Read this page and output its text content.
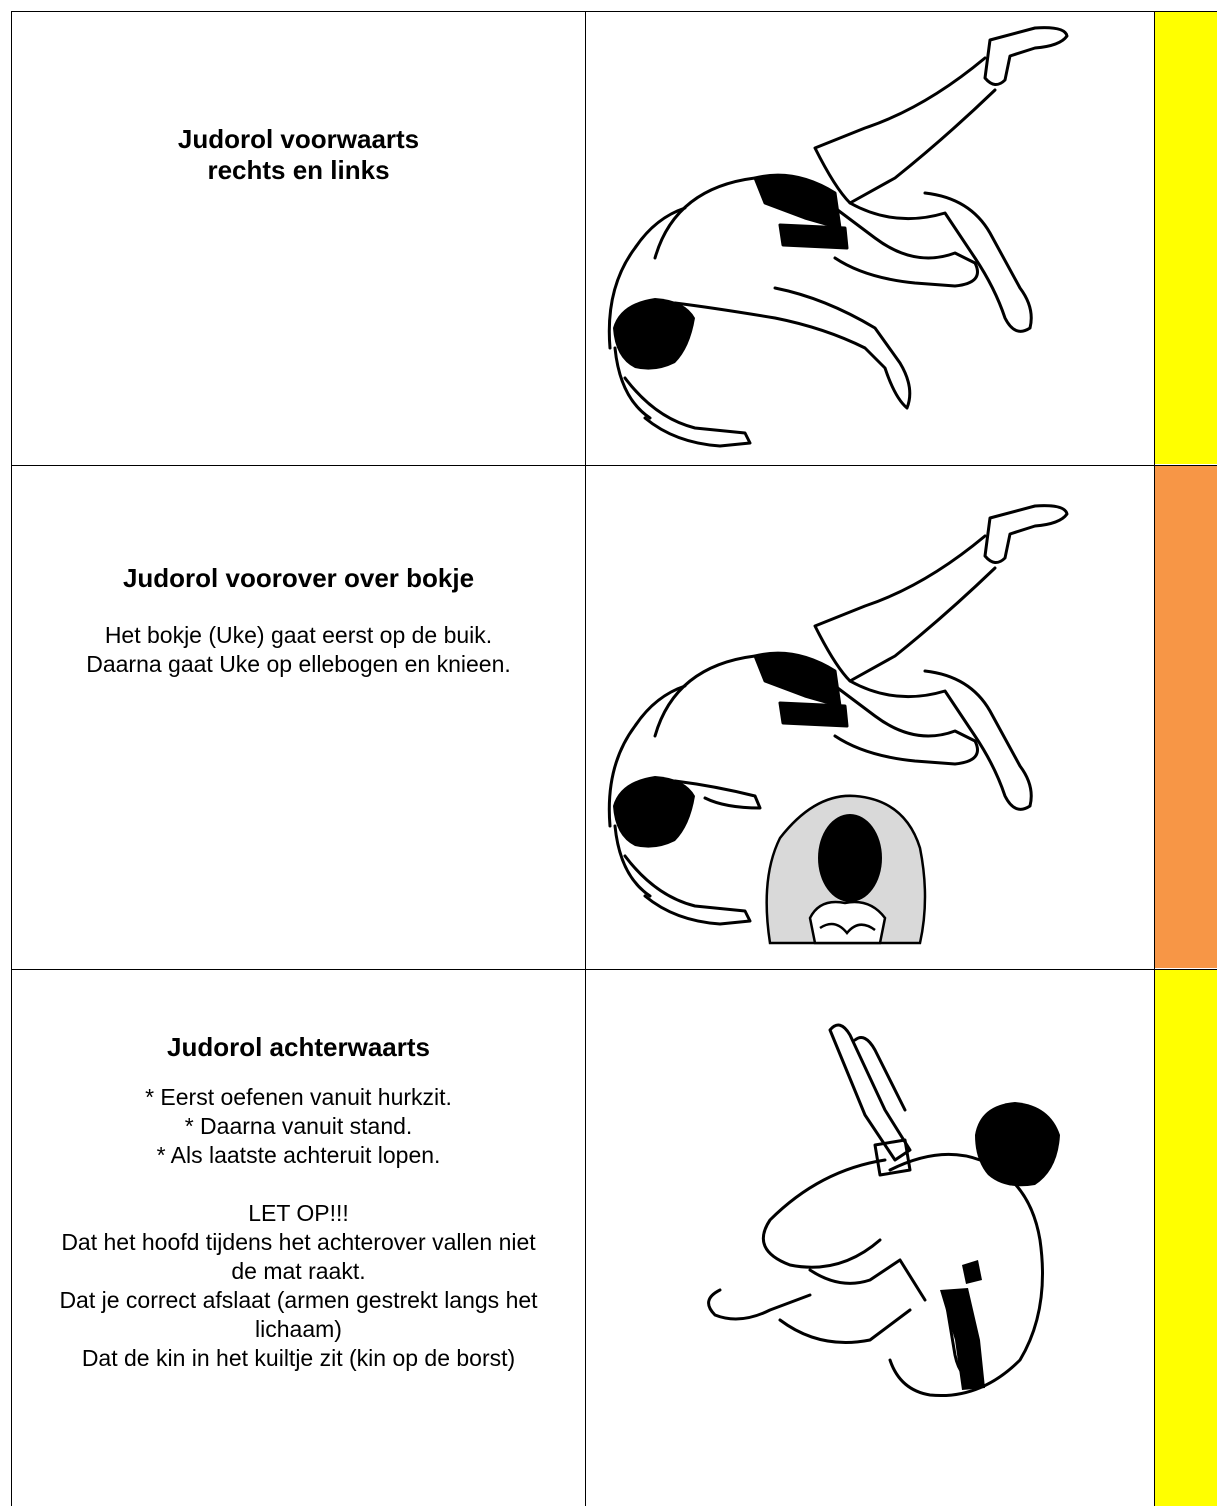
Judorol voorwaarts
rechts en links
Judorol voorover over bokje
Het bokje (Uke) gaat eerst op de buik.
Daarna gaat Uke op ellebogen en knieen.
Judorol achterwaarts
* Eerst oefenen vanuit hurkzit.
* Daarna vanuit stand.
* Als laatste achteruit lopen.
LET OP!!!
Dat het hoofd tijdens het achterover vallen niet
de mat raakt.
Dat je correct afslaat (armen gestrekt langs het
lichaam)
Dat de kin in het kuiltje zit (kin op de borst)
